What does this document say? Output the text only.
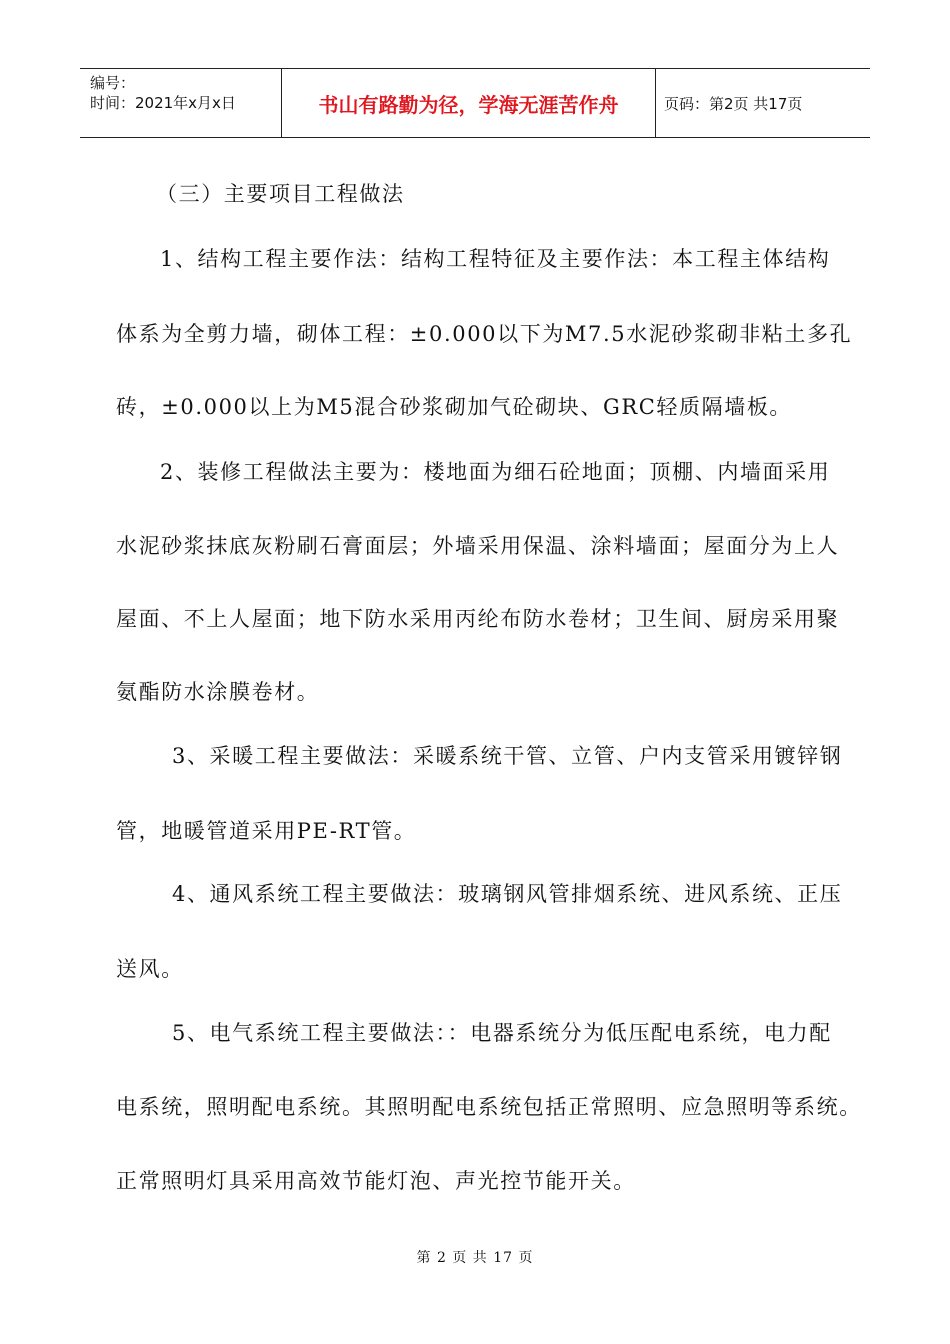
编号：
时间：2021年x月x日	书山有路勤为径，学海无涯苦作舟	页码：第2页 共17页
（三）主要项目工程做法
1、结构工程主要作法：结构工程特征及主要作法：本工程主体结构
体系为全剪力墙，砌体工程：±0.000以下为M7.5水泥砂浆砌非粘土多孔
砖，±0.000以上为M5混合砂浆砌加气砼砌块、GRC轻质隔墙板。
2、装修工程做法主要为：楼地面为细石砼地面；顶棚、内墙面采用
水泥砂浆抹底灰粉刷石膏面层；外墙采用保温、涂料墙面；屋面分为上人
屋面、不上人屋面；地下防水采用丙纶布防水卷材；卫生间、厨房采用聚
氨酯防水涂膜卷材。
3、采暖工程主要做法：采暖系统干管、立管、户内支管采用镀锌钢
管，地暖管道采用PE-RT管。
4、通风系统工程主要做法：玻璃钢风管排烟系统、进风系统、正压
送风。
5、电气系统工程主要做法：：电器系统分为低压配电系统，电力配
电系统，照明配电系统。其照明配电系统包括正常照明、应急照明等系统。
正常照明灯具采用高效节能灯泡、声光控节能开关。
第 2 页 共 17 页
